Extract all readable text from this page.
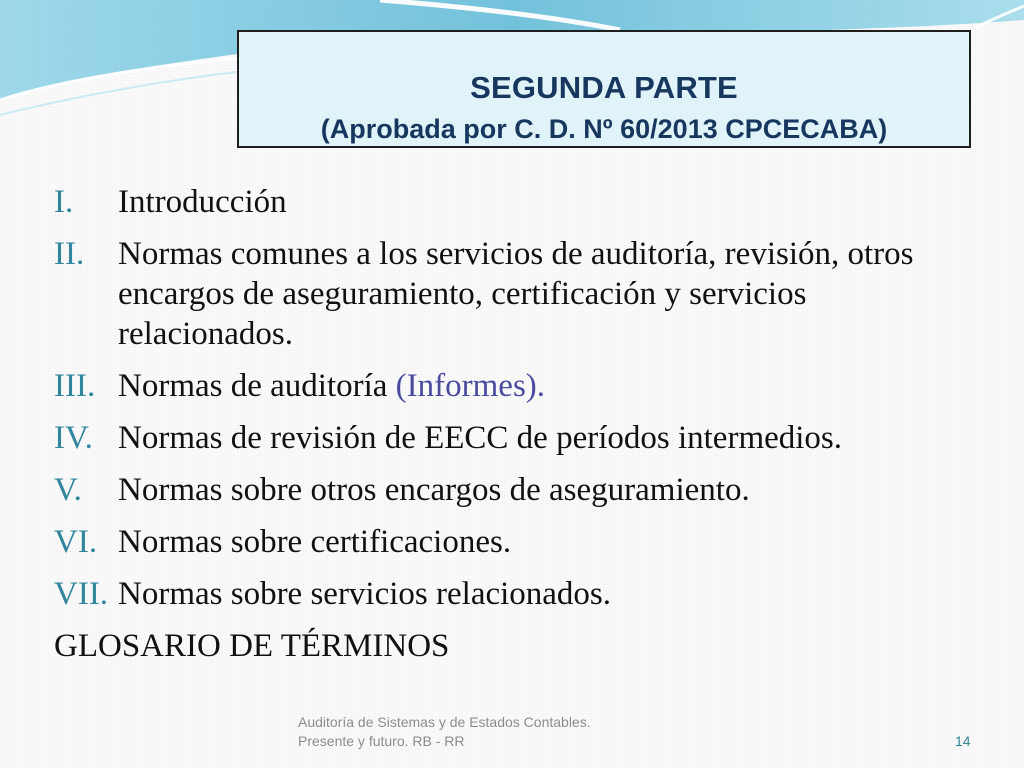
SEGUNDA PARTE
(Aprobada por C. D. Nº 60/2013 CPCECABA)
I. Introducción
II. Normas comunes a los servicios de auditoría, revisión, otros encargos de aseguramiento, certificación y servicios relacionados.
III. Normas de auditoría (Informes).
IV. Normas de revisión de EECC de períodos intermedios.
V. Normas sobre otros encargos de aseguramiento.
VI. Normas sobre certificaciones.
VII. Normas sobre servicios relacionados.
GLOSARIO DE TÉRMINOS
Auditoría de Sistemas y de Estados Contables.
Presente y futuro. RB - RR	14
